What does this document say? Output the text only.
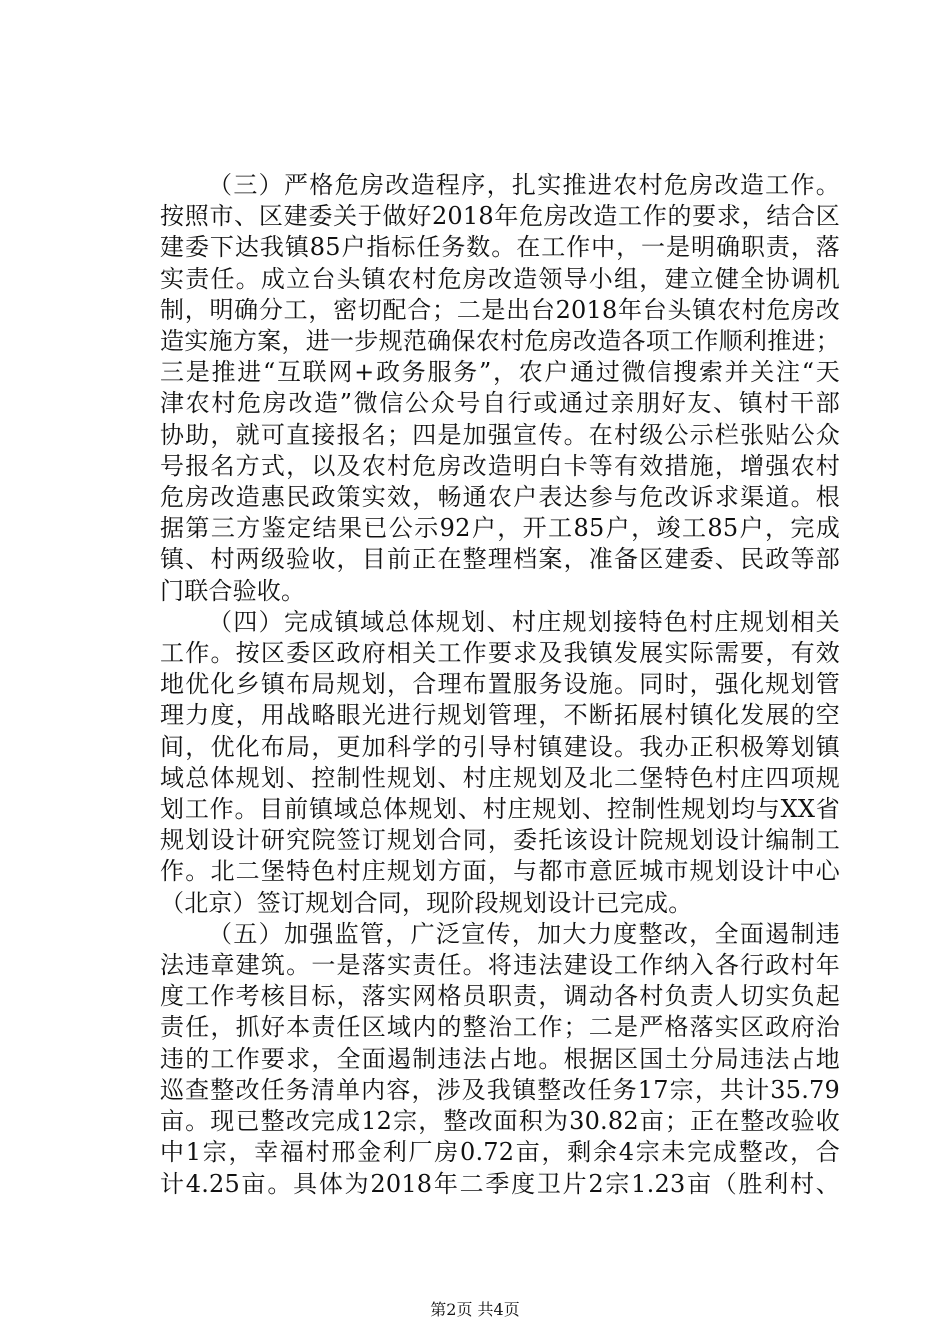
（三）严格危房改造程序，扎实推进农村危房改造工作。
按照市、区建委关于做好2018年危房改造工作的要求，结合区
建委下达我镇85户指标任务数。在工作中，一是明确职责，落
实责任。成立台头镇农村危房改造领导小组，建立健全协调机
制，明确分工，密切配合；二是出台2018年台头镇农村危房改
造实施方案，进一步规范确保农村危房改造各项工作顺利推进；
三是推进“互联网+政务服务”，农户通过微信搜索并关注“天
津农村危房改造”微信公众号自行或通过亲朋好友、镇村干部
协助，就可直接报名；四是加强宣传。在村级公示栏张贴公众
号报名方式，以及农村危房改造明白卡等有效措施，增强农村
危房改造惠民政策实效，畅通农户表达参与危改诉求渠道。根
据第三方鉴定结果已公示92户，开工85户，竣工85户，完成
镇、村两级验收，目前正在整理档案，准备区建委、民政等部
门联合验收。

（四）完成镇域总体规划、村庄规划接特色村庄规划相关
工作。按区委区政府相关工作要求及我镇发展实际需要，有效
地优化乡镇布局规划，合理布置服务设施。同时，强化规划管
理力度，用战略眼光进行规划管理，不断拓展村镇化发展的空
间，优化布局，更加科学的引导村镇建设。我办正积极筹划镇
域总体规划、控制性规划、村庄规划及北二堡特色村庄四项规
划工作。目前镇域总体规划、村庄规划、控制性规划均与XX省
规划设计研究院签订规划合同，委托该设计院规划设计编制工
作。北二堡特色村庄规划方面，与都市意匠城市规划设计中心
（北京）签订规划合同，现阶段规划设计已完成。

（五）加强监管，广泛宣传，加大力度整改，全面遏制违
法违章建筑。一是落实责任。将违法建设工作纳入各行政村年
度工作考核目标，落实网格员职责，调动各村负责人切实负起
责任，抓好本责任区域内的整治工作；二是严格落实区政府治
违的工作要求，全面遏制违法占地。根据区国土分局违法占地
巡查整改任务清单内容，涉及我镇整改任务17宗，共计35.79
亩。现已整改完成12宗，整改面积为30.82亩；正在整改验收
中1宗，幸福村邢金利厂房0.72亩，剩余4宗未完成整改，合
计4.25亩。具体为2018年二季度卫片2宗1.23亩（胜利村、

第2页 共4页
